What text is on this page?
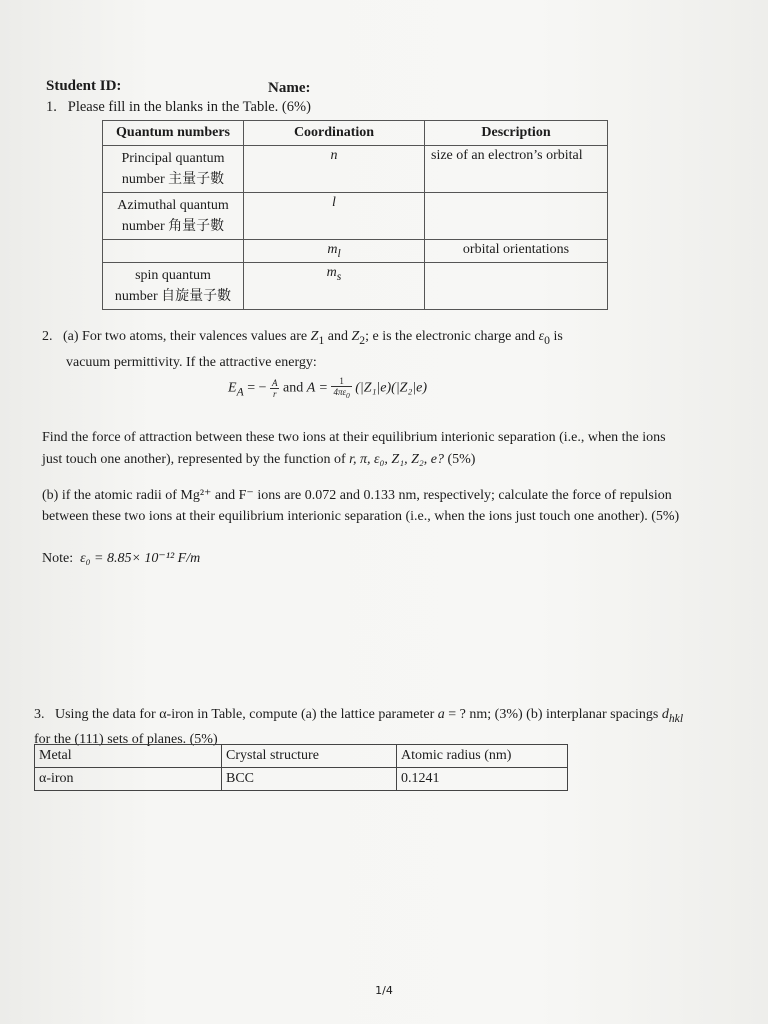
Student ID:	Name:
1. Please fill in the blanks in the Table. (6%)
Quantum numbers	Coordination	Description

Principal quantum
number 主量子數	n	size of an electron’s orbital

Azimuthal quantum
number 角量子數	l	
	$m_l$	orbital orientations

spin quantum
number 自旋量子數	$m_s$	
2. (a) For two atoms, their valences values are $Z_1$ and $Z_2$; e is the electronic charge and $\varepsilon_0$ is
vacuum permittivity. If the attractive energy:
$E_A$ = − $\frac{A}{r}$ and $A = \frac{1}{4\pi\varepsilon_0} (|Z_1|e)(|Z_2|e)$
Find the force of attraction between these two ions at their equilibrium interionic separation (i.e., when the ions just touch one another), represented by the function of r, π, ε₀, Z₁, Z₂, e? (5%)
(b) if the atomic radii of Mg²⁺ and F⁻ ions are 0.072 and 0.133 nm, respectively; calculate the force of repulsion between these two ions at their equilibrium interionic separation (i.e., when the ions just touch one another). (5%)
Note: ε₀ = 8.85× 10⁻¹² F/m
3. Using the data for α-iron in Table, compute (a) the lattice parameter a = ? nm; (3%) (b) interplanar spacings $d_{hkl}$ for the (111) sets of planes. (5%)
Metal	Crystal structure	Atomic radius (nm)
α-iron	BCC	0.1241
1/4
